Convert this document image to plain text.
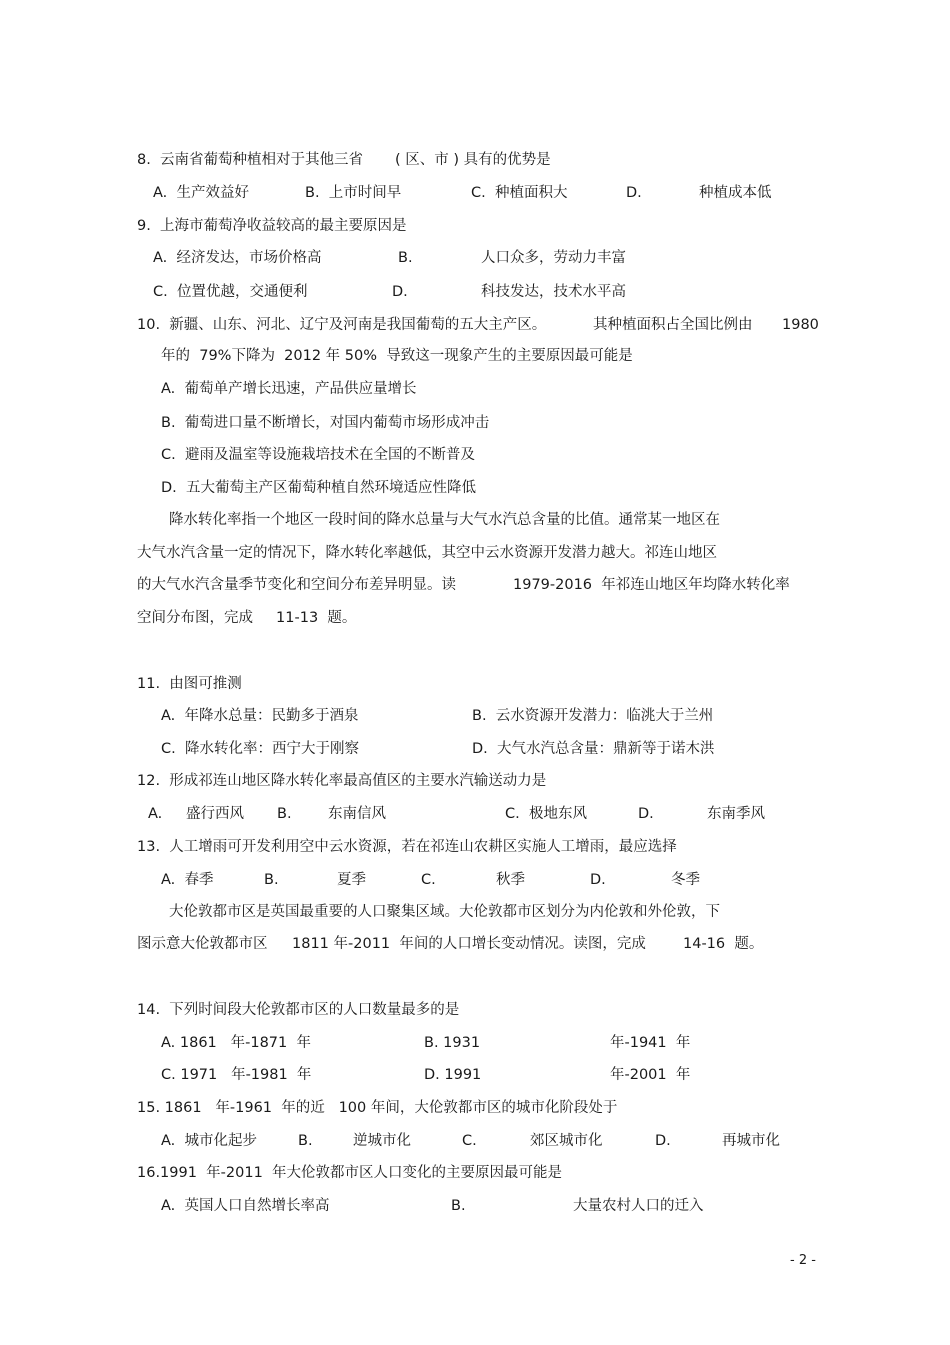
8.  云南省葡萄种植相对于其他三省 ( 区、市 ) 具有的优势是
A.  生产效益好	B.  上市时间早	C.  种植面积大	D.	种植成本低
9.  上海市葡萄净收益较高的最主要原因是
A.  经济发达，市场价格高	B.	人口众多，劳动力丰富
C.  位置优越，交通便利	D.	科技发达，技术水平高
10.  新疆、山东、河北、辽宁及河南是我国葡萄的五大主产区。	其种植面积占全国比例由 1980
年的  79%下降为  2012 年 50%  导致这一现象产生的主要原因最可能是
A.  葡萄单产增长迅速，产品供应量增长
B.  葡萄进口量不断增长，对国内葡萄市场形成冲击
C.  避雨及温室等设施栽培技术在全国的不断普及
D.  五大葡萄主产区葡萄种植自然环境适应性降低
降水转化率指一个地区一段时间的降水总量与大气水汽总含量的比值。通常某一地区在
大气水汽含量一定的情况下，降水转化率越低，其空中云水资源开发潜力越大。祁连山地区
的大气水汽含量季节变化和空间分布差异明显。读	1979-2016  年祁连山地区年均降水转化率
空间分布图，完成     11-13  题。
11.  由图可推测
A.  年降水总量：民勤多于酒泉	B.  云水资源开发潜力：临洮大于兰州
C.  降水转化率：西宁大于刚察	D.  大气水汽总含量：鼎新等于诺木洪
12.  形成祁连山地区降水转化率最高值区的主要水汽输送动力是
A. 盛行西风 B.	东南信风	C.  极地东风	D.	东南季风
13.  人工增雨可开发利用空中云水资源，若在祁连山农耕区实施人工增雨，最应选择
A.  春季	B.	夏季	C.	秋季	D.	冬季
大伦敦都市区是英国最重要的人口聚集区域。大伦敦都市区划分为内伦敦和外伦敦，下
图示意大伦敦都市区 1811 年-2011  年间的人口增长变动情况。读图，完成	14-16  题。
14.  下列时间段大伦敦都市区的人口数量最多的是
A. 1861   年-1871  年	B. 1931	年-1941  年
C. 1971   年-1981  年	D. 1991	年-2001  年
15. 1861   年-1961  年的近   100 年间，大伦敦都市区的城市化阶段处于
A.  城市化起步	B.	逆城市化	C.	郊区城市化	D.	再城市化
16.1991  年-2011  年大伦敦都市区人口变化的主要原因最可能是
A.  英国人口自然增长率高	B.	大量农村人口的迁入
- 2 -
